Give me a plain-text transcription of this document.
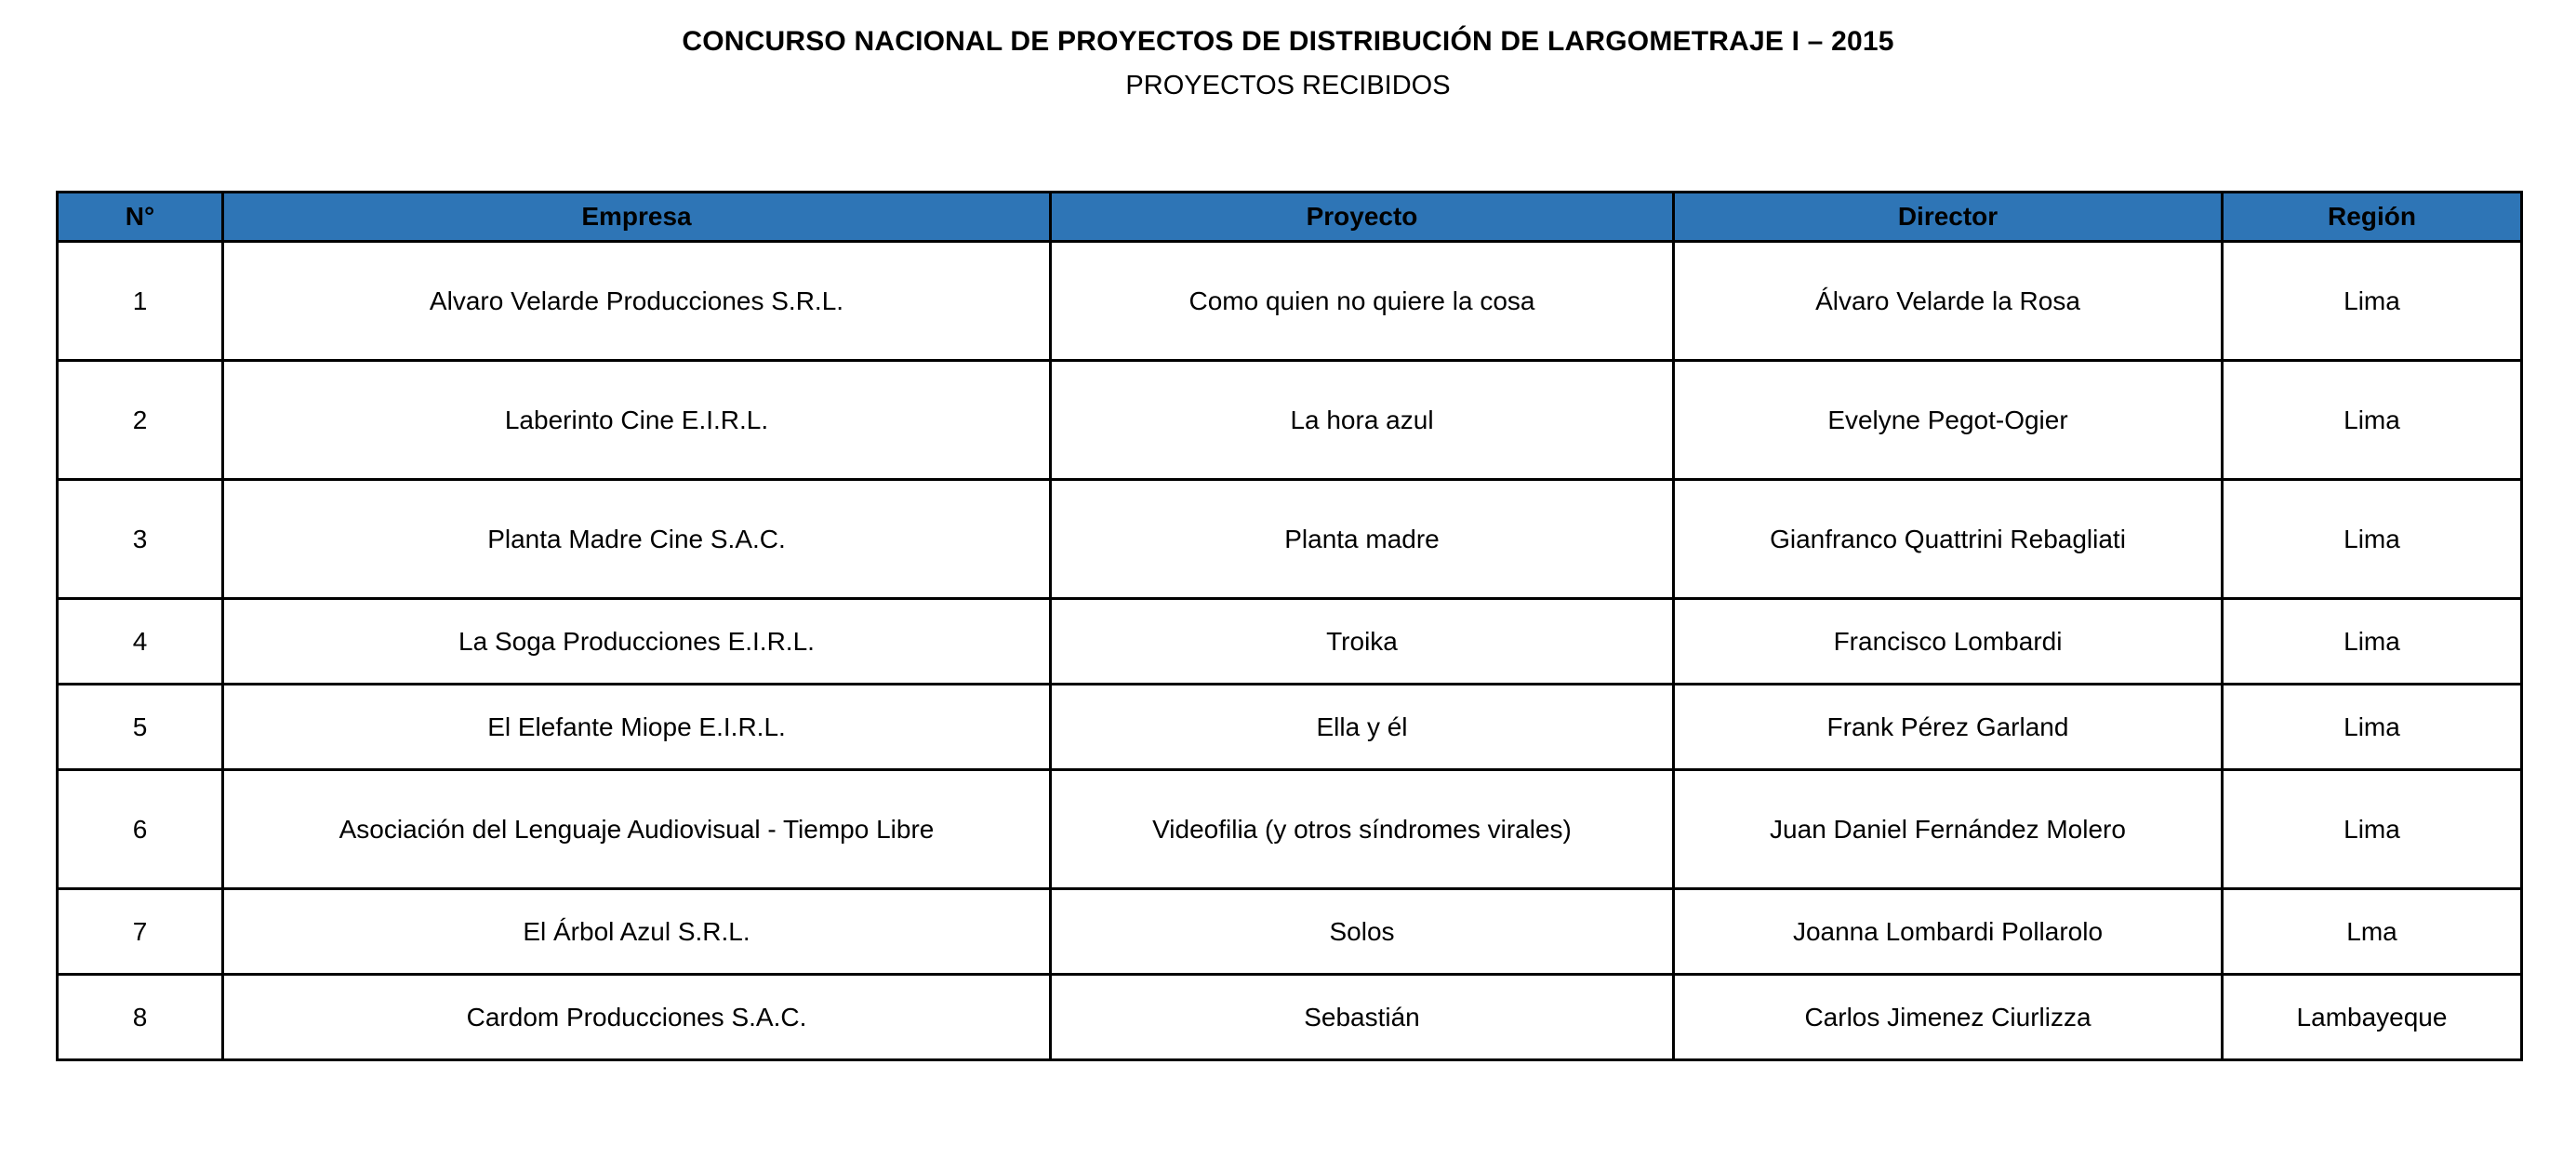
CONCURSO NACIONAL DE PROYECTOS DE DISTRIBUCIÓN DE LARGOMETRAJE I – 2015
PROYECTOS RECIBIDOS
N°	Empresa	Proyecto	Director	Región
1	Alvaro Velarde Producciones S.R.L.	Como quien no quiere la cosa	Álvaro Velarde la Rosa	Lima
2	Laberinto Cine E.I.R.L.	La hora azul	Evelyne Pegot-Ogier	Lima
3	Planta Madre Cine S.A.C.	Planta madre	Gianfranco Quattrini Rebagliati	Lima
4	La Soga Producciones E.I.R.L.	Troika	Francisco Lombardi	Lima
5	El Elefante Miope E.I.R.L.	Ella y él	Frank Pérez Garland	Lima
6	Asociación del Lenguaje Audiovisual - Tiempo Libre	Videofilia (y otros síndromes virales)	Juan Daniel Fernández Molero	Lima
7	El Árbol Azul S.R.L.	Solos	Joanna Lombardi Pollarolo	Lma
8	Cardom Producciones S.A.C.	Sebastián	Carlos Jimenez Ciurlizza	Lambayeque
